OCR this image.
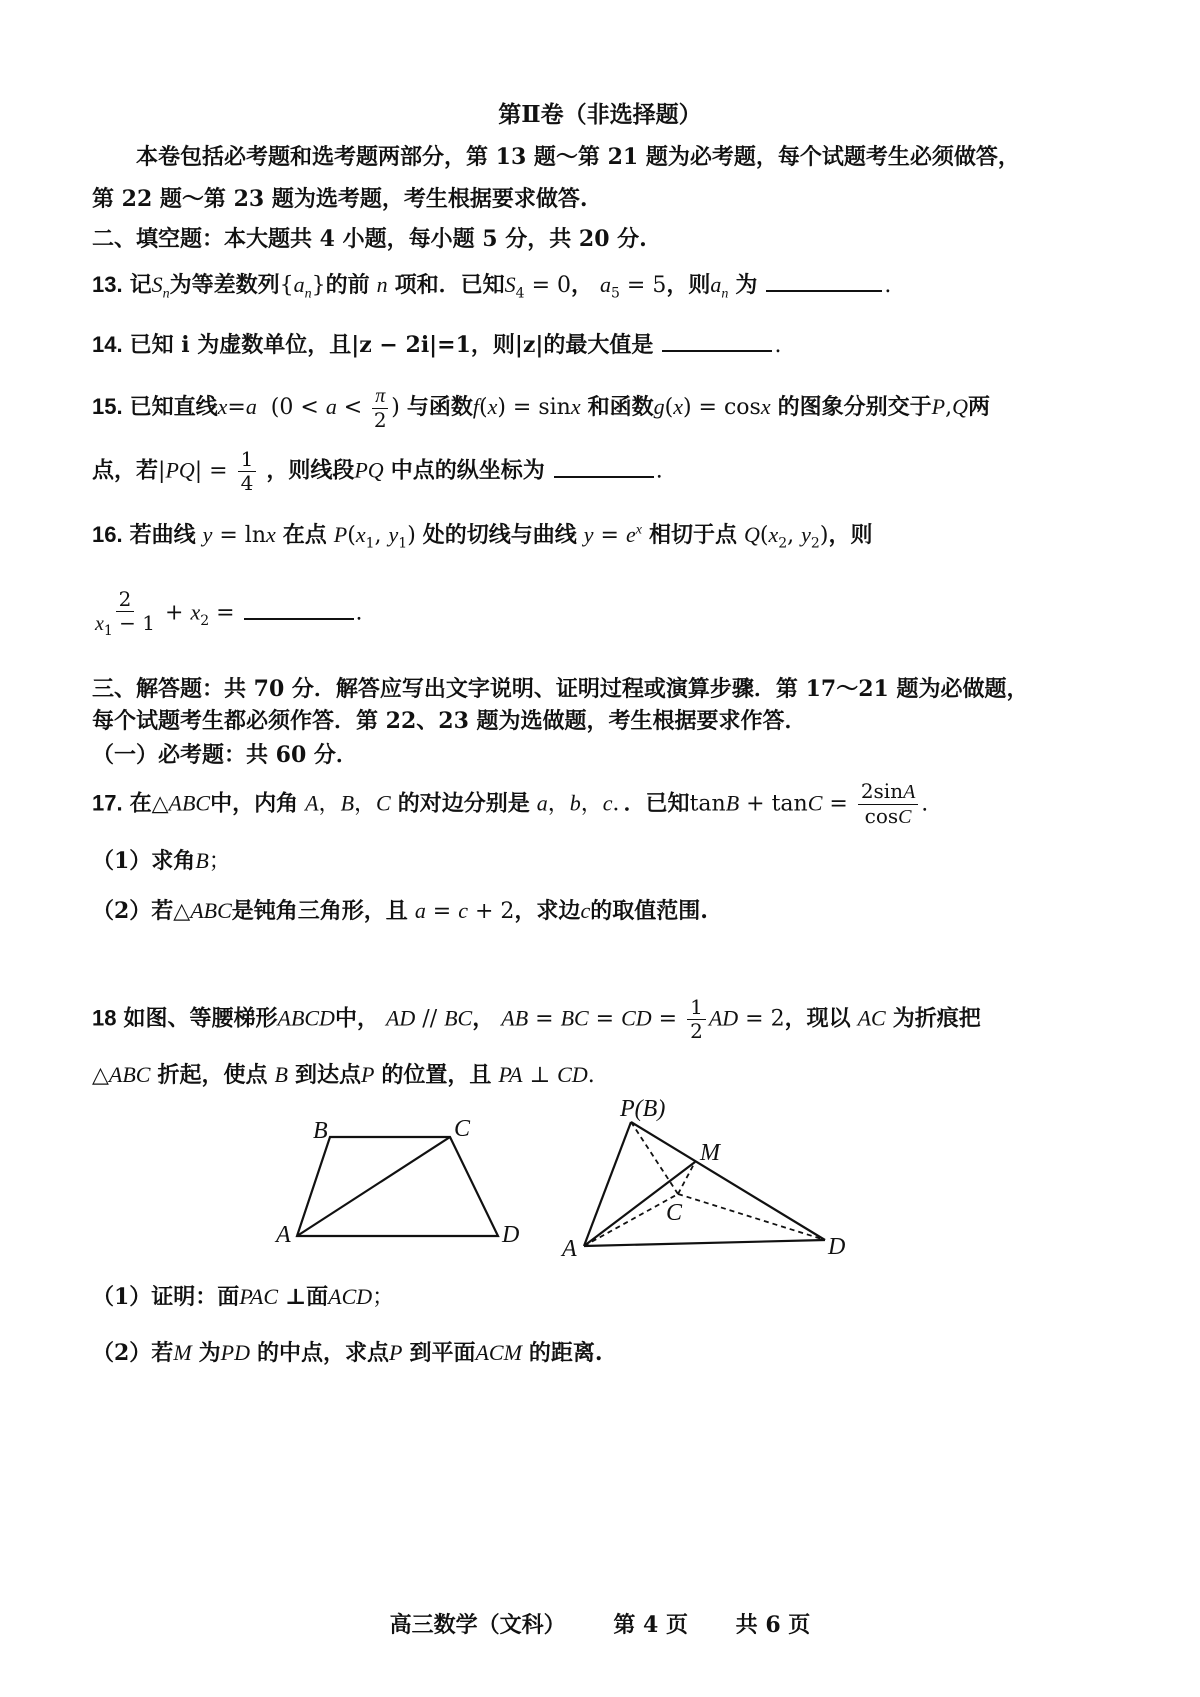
第Ⅱ卷（非选择题）
本卷包括必考题和选考题两部分，第 13 题～第 21 题为必考题，每个试题考生必须做答，
第 22 题～第 23 题为选考题，考生根据要求做答.
二、填空题：本大题共 4 小题，每小题 5 分，共 20 分.
13. 记$S_n$为等差数列$\{a_n\}$的前 n 项和．已知$S_4 = 0$， $a_5 = 5$，则$a_n$ 为	.
14. 已知 i 为虚数单位，且|z − 2i|=1，则|z|的最大值是	.
15. 已知直线x=a  ($0 < a < \frac{\pi}{2}$ ) 与函数f(x) = sinx 和函数g(x) = cosx 的图象分别交于P,Q两
点，若$|PQ| = \frac{1}{4}$ ，则线段PQ 中点的纵坐标为	.
16. 若曲线 y = lnx 在点 $P(x_1$, $y_1$) 处的切线与曲线 $y = e^x$ 相切于点 $Q(x_2$, $y_2$)，则
$\frac{2}{x_1 - 1} + x_2$ =	.
三、解答题：共 70 分．解答应写出文字说明、证明过程或演算步骤．第 17～21 题为必做题，
每个试题考生都必须作答．第 22、23 题为选做题，考生根据要求作答．
（一）必考题：共 60 分．
17. 在△ABC中，内角 A，B，C 的对边分别是 a，b，c．．已知$\tan B + \tan C = \frac{2\sin A}{\cos C}$ .
（1）求角B；
（2）若△ABC是钝角三角形，且 a = c + 2，求边c的取值范围.
18 如图、等腰梯形ABCD中， AD // BC， AB = BC = CD = $\frac{1}{2}$ AD = 2，现以 AC 为折痕把
△ABC 折起，使点 B 到达点P 的位置，且 PA ⊥ CD.
B	C
A	D
P(B)
M
C
A	D
（1）证明：面PAC ⊥面ACD；
（2）若M 为PD 的中点，求点P 到平面ACM 的距离.
高三数学（文科） 第 4 页 共 6 页
